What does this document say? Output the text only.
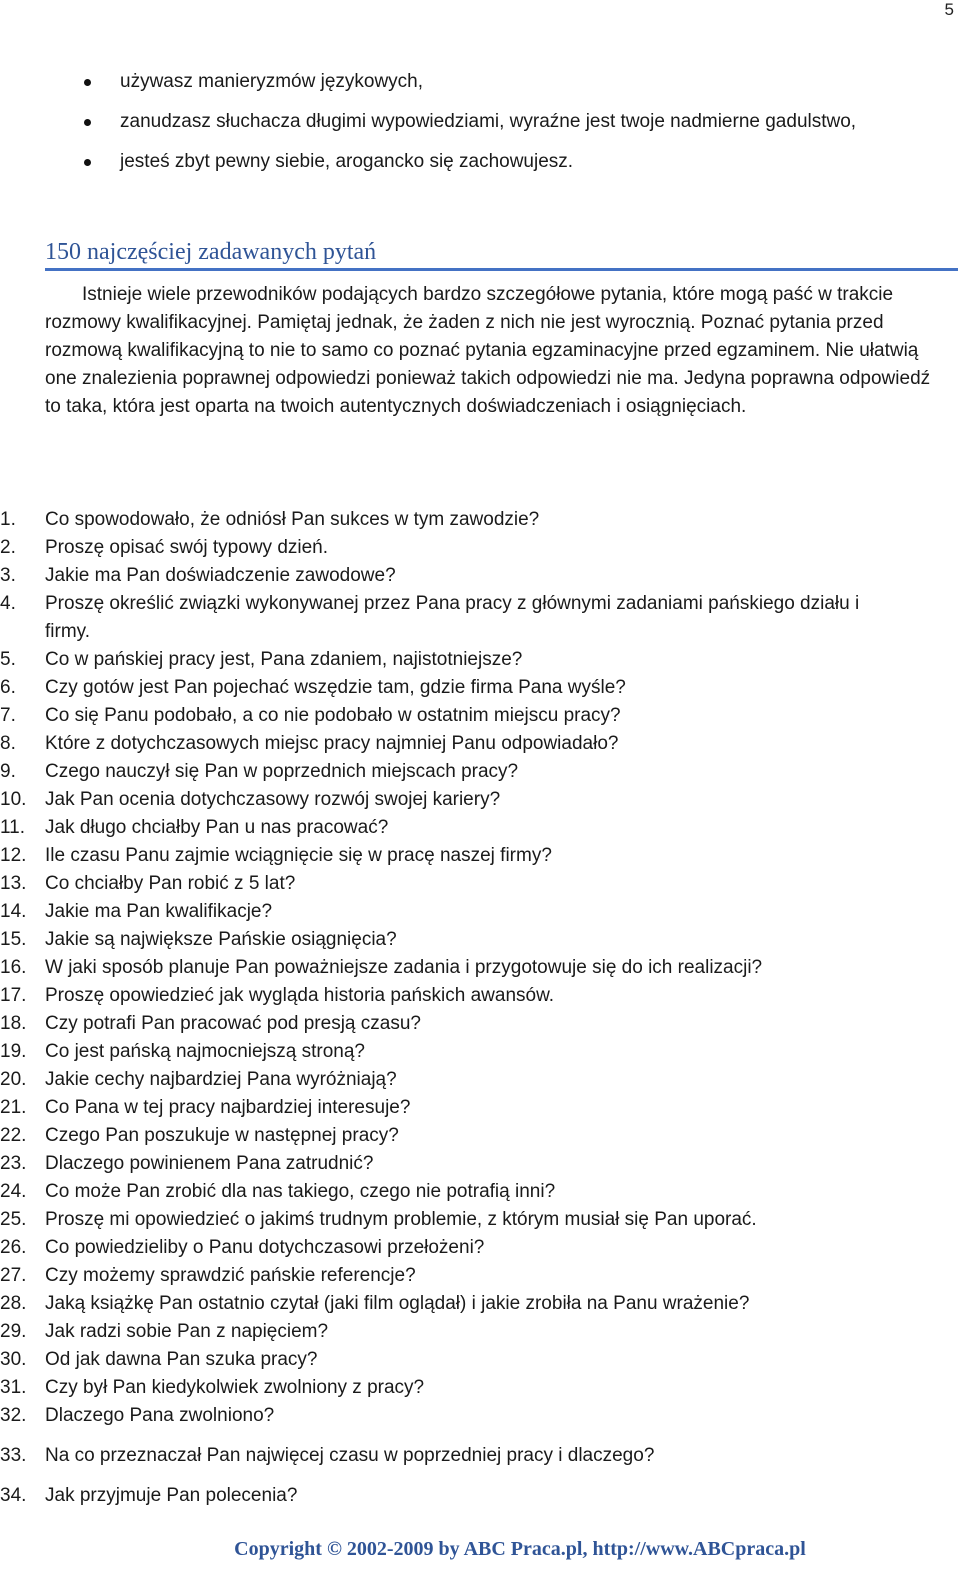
5
używasz manieryzmów językowych,
zanudzasz słuchacza długimi wypowiedziami, wyraźne jest twoje nadmierne gadulstwo,
jesteś zbyt pewny siebie, arogancko się zachowujesz.
150 najczęściej zadawanych pytań

Istnieje wiele przewodników podających bardzo szczegółowe pytania, które mogą paść w trakcie rozmowy kwalifikacyjnej. Pamiętaj jednak, że żaden z nich nie jest wyrocznią. Poznać pytania przed rozmową kwalifikacyjną to nie to samo co poznać pytania egzaminacyjne przed egzaminem. Nie ułatwią one znalezienia poprawnej odpowiedzi ponieważ takich odpowiedzi nie ma. Jedyna poprawna odpowiedź to taka, która jest oparta na twoich autentycznych doświadczeniach i osiągnięciach.

1.	Co spowodowało, że odniósł Pan sukces w tym zawodzie?
2.	Proszę opisać swój typowy dzień.
3.	Jakie ma Pan doświadczenie zawodowe?
4.	Proszę określić związki wykonywanej przez Pana pracy z głównymi zadaniami pańskiego działu i firmy.
5.	Co w pańskiej pracy jest, Pana zdaniem, najistotniejsze?
6.	Czy gotów jest Pan pojechać wszędzie tam, gdzie firma Pana wyśle?
7.	Co się Panu podobało, a co nie podobało w ostatnim miejscu pracy?
8.	Które z dotychczasowych miejsc pracy najmniej Panu odpowiadało?
9.	Czego nauczył się Pan w poprzednich miejscach pracy?
10. Jak Pan ocenia dotychczasowy rozwój swojej kariery?
11.	Jak długo chciałby Pan u nas pracować?
12. Ile czasu Panu zajmie wciągnięcie się w pracę naszej firmy?
13. Co chciałby Pan robić z 5 lat?
14. Jakie ma Pan kwalifikacje?
15. Jakie są największe Pańskie osiągnięcia?
16. W jaki sposób planuje Pan poważniejsze zadania i przygotowuje się do ich realizacji?
17. Proszę opowiedzieć jak wygląda historia pańskich awansów.
18. Czy potrafi Pan pracować pod presją czasu?
19. Co jest pańską najmocniejszą stroną?
20. Jakie cechy najbardziej Pana wyróżniają?
21. Co Pana w tej pracy najbardziej interesuje?
22. Czego Pan poszukuje w następnej pracy?
23. Dlaczego powinienem Pana zatrudnić?
24. Co może Pan zrobić dla nas takiego, czego nie potrafią inni?
25. Proszę mi opowiedzieć o jakimś trudnym problemie, z którym musiał się Pan uporać.
26. Co powiedzieliby o Panu dotychczasowi przełożeni?
27. Czy możemy sprawdzić pańskie referencje?
28. Jaką książkę Pan ostatnio czytał (jaki film oglądał) i jakie zrobiła na Panu wrażenie?
29. Jak radzi sobie Pan z napięciem?
30. Od jak dawna Pan szuka pracy?
31. Czy był Pan kiedykolwiek zwolniony z pracy?
32. Dlaczego Pana zwolniono?
33. Na co przeznaczał Pan najwięcej czasu w poprzedniej pracy i dlaczego?
34. Jak przyjmuje Pan polecenia?
Copyright © 2002-2009 by ABC Praca.pl, http://www.ABCpraca.pl
